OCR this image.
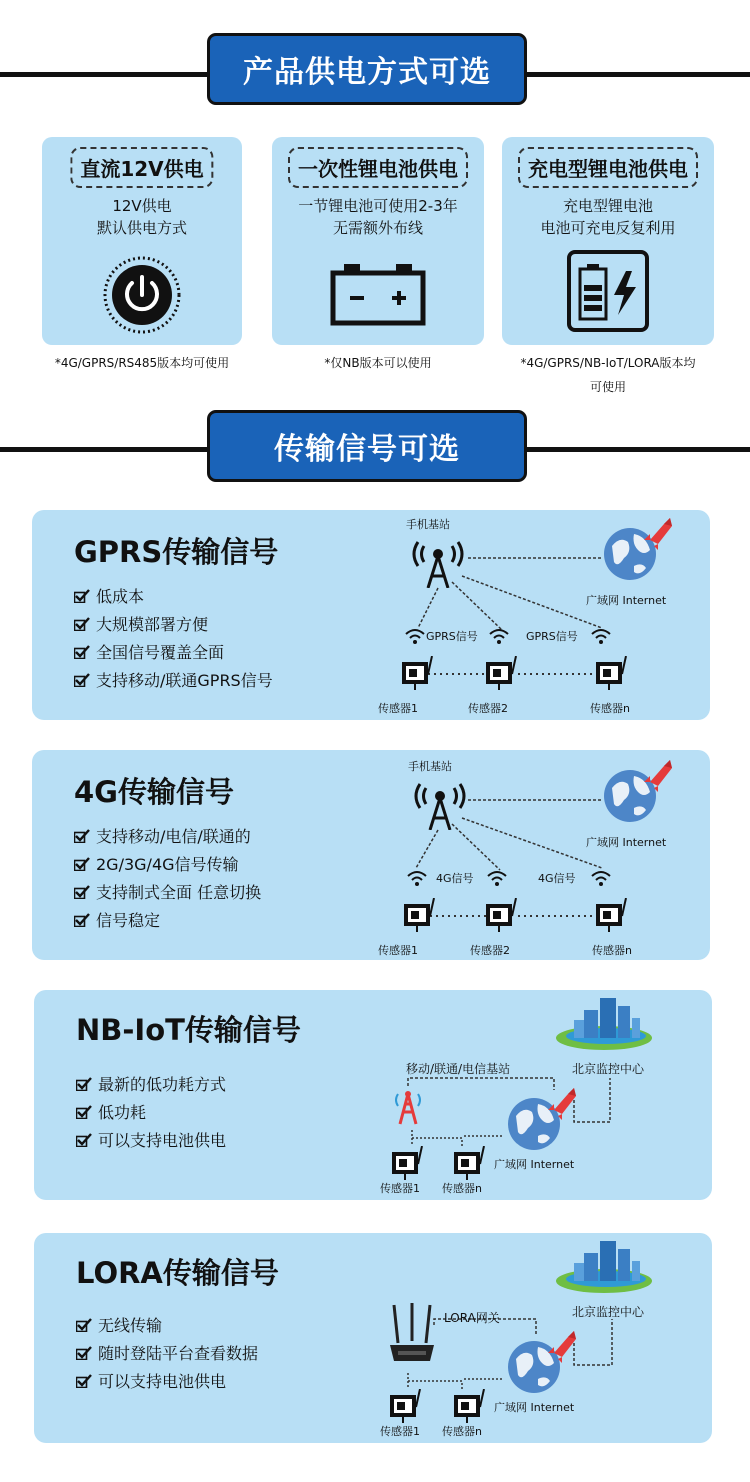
产品供电方式可选
直流12V供电
12V供电
默认供电方式
一次性锂电池供电
一节锂电池可使用2-3年
无需额外布线
充电型锂电池供电
充电型锂电池
电池可充电反复利用
*4G/GPRS/RS485版本均可使用	*仅NB版本可以使用	*4G/GPRS/NB-IoT/LORA版本均
可使用
传输信号可选
GPRS传输信号
低成本
大规模部署方便
全国信号覆盖全面
支持移动/联通GPRS信号
手机基站
广域网 Internet
GPRS信号	GPRS信号
传感器1	传感器2	传感器n
4G传输信号
支持移动/电信/联通的
2G/3G/4G信号传输
支持制式全面 任意切换
信号稳定
手机基站
广域网 Internet
4G信号	4G信号
传感器1	传感器2	传感器n
NB-IoT传输信号
最新的低功耗方式
低功耗
可以支持电池供电
北京监控中心
移动/联通/电信基站
广域网 Internet
传感器1 传感器n
LORA传输信号
无线传输
随时登陆平台查看数据
可以支持电池供电
北京监控中心
LORA网关
广域网 Internet
传感器1 传感器n
